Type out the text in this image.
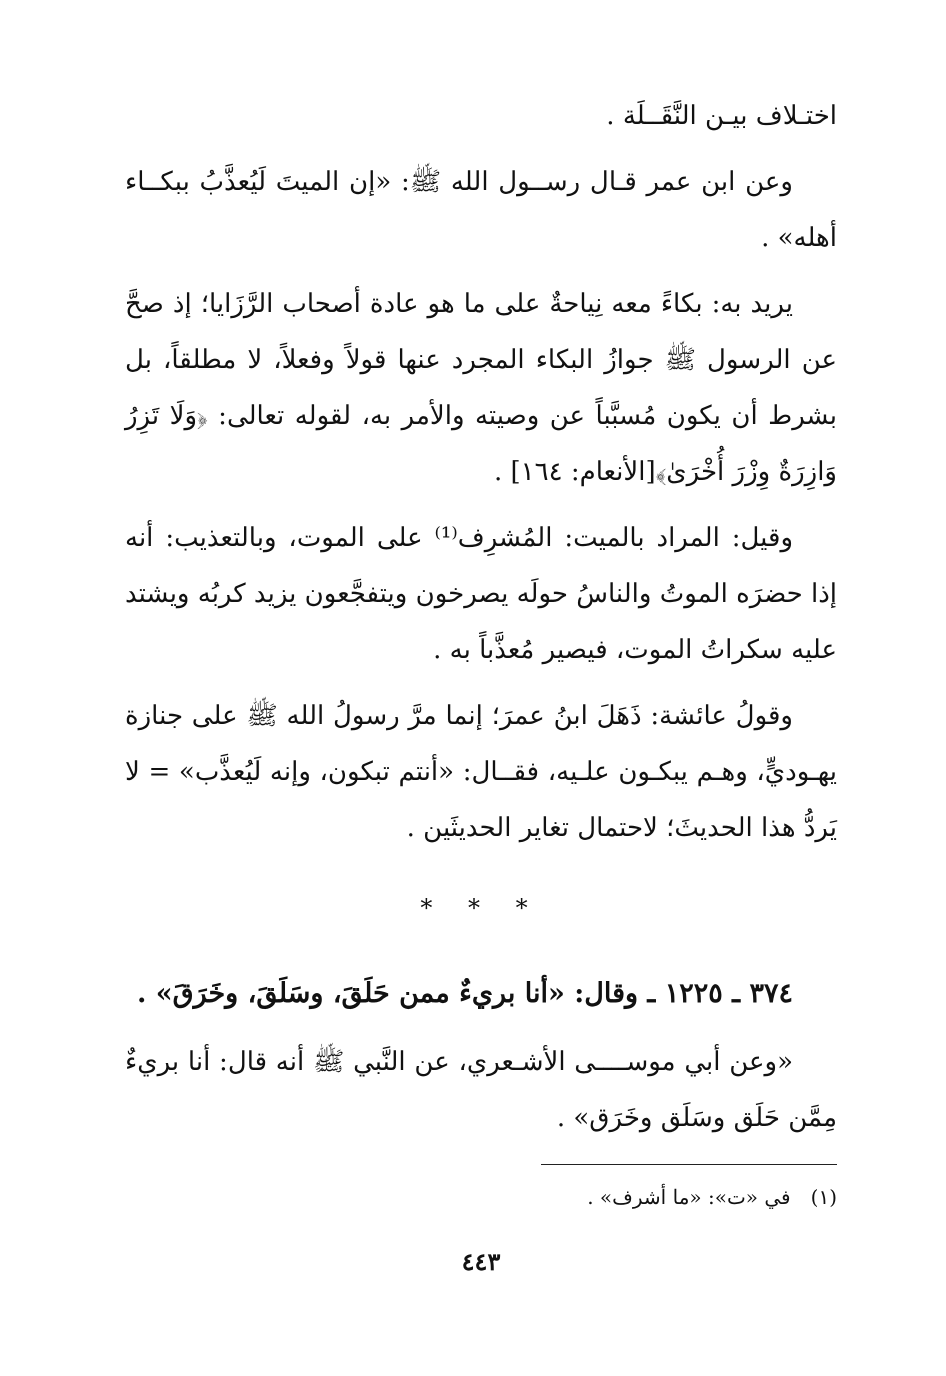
اختـلاف بيـن النَّقَــلَة .

وعن ابن عمر قـال رســول الله ﷺ: «إن الميتَ لَيُعذَّبُ ببكــاء أهله» .

يريد به: بكاءً معه نِياحةٌ على ما هو عادة أصحاب الرَّزَايا؛ إذ صحَّ عن الرسول ﷺ جوازُ البكاء المجرد عنها قولاً وفعلاً، لا مطلقاً، بل بشرط أن يكون مُسبَّباً عن وصيته والأمر به، لقوله تعالى: ﴿وَلَا تَزِرُ وَازِرَةٌ وِزْرَ أُخْرَىٰ﴾[الأنعام: ١٦٤] .

وقيل: المراد بالميت: المُشرِف⁽¹⁾ على الموت، وبالتعذيب: أنه إذا حضرَه الموتُ والناسُ حولَه يصرخون ويتفجَّعون يزيد كربُه ويشتد عليه سكراتُ الموت، فيصير مُعذَّباً به .

وقولُ عائشة: ذَهَلَ ابنُ عمرَ؛ إنما مرَّ رسولُ الله ﷺ على جنازة يهـوديٍّ، وهـم يبكـون علـيه، فقــال: «أنتم تبكون، وإنه لَيُعذَّب» = لا يَردُّ هذا الحديثَ؛ لاحتمال تغاير الحديثَين .

* * *

٣٧٤ ـ ١٢٢٥ ـ وقال: «أنا بريءٌ ممن حَلَقَ، وسَلَقَ، وخَرَقَ» .

«وعن أبي موســــى الأشـعري، عن النَّبي ﷺ أنه قال: أنا بريءٌ مِمَّن حَلَق وسَلَق وخَرَق» .

(١)في «ت»: «ما أشرف» .
٤٤٣
